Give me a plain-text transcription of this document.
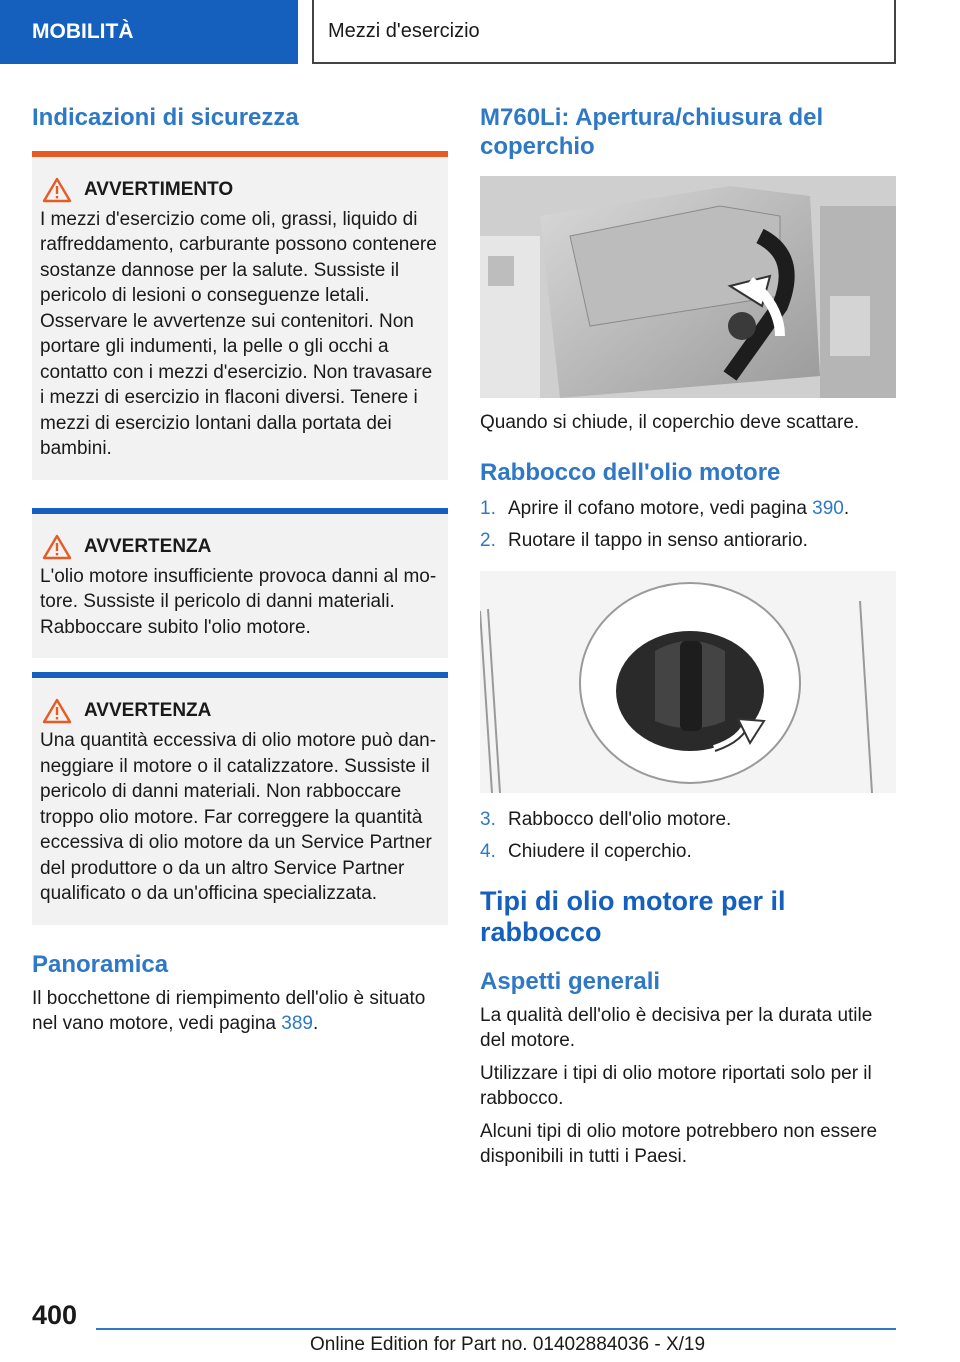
MOBILITÀ	Mezzi d'esercizio
Indicazioni di sicurezza
AVVERTIMENTO

I mezzi d'esercizio come oli, grassi, liquido di raffreddamento, carburante possono contenere sostanze dannose per la salute. Sussiste il pericolo di lesioni o conseguenze letali. Osservare le avvertenze sui contenitori. Non portare gli indumenti, la pelle o gli occhi a contatto con i mezzi d'esercizio. Non travasare i mezzi di esercizio in flaconi diversi. Tenere i mezzi di esercizio lontani dalla portata dei bambini.

AVVERTENZA

L'olio motore insufficiente provoca danni al motore. Sussiste il pericolo di danni materiali. Rabboccare subito l'olio motore.

AVVERTENZA

Una quantità eccessiva di olio motore può danneggiare il motore o il catalizzatore. Sussiste il pericolo di danni materiali. Non rabboccare troppo olio motore. Far correggere la quantità eccessiva di olio motore da un Service Partner del produttore o da un altro Service Partner qualificato o da un'officina specializzata.

Panoramica

Il bocchettone di riempimento dell'olio è situato nel vano motore, vedi pagina 389.

M760Li: Apertura/chiusura del coperchio

Quando si chiude, il coperchio deve scattare.

Rabbocco dell'olio motore
1. Aprire il cofano motore, vedi pagina 390.
2. Ruotare il tappo in senso antiorario.
3. Rabbocco dell'olio motore.
4. Chiudere il coperchio.
Tipi di olio motore per il rabbocco
Aspetti generali

La qualità dell'olio è decisiva per la durata utile del motore.

Utilizzare i tipi di olio motore riportati solo per il rabbocco.

Alcuni tipi di olio motore potrebbero non essere disponibili in tutti i Paesi.

400
Online Edition for Part no. 01402884036 - X/19
